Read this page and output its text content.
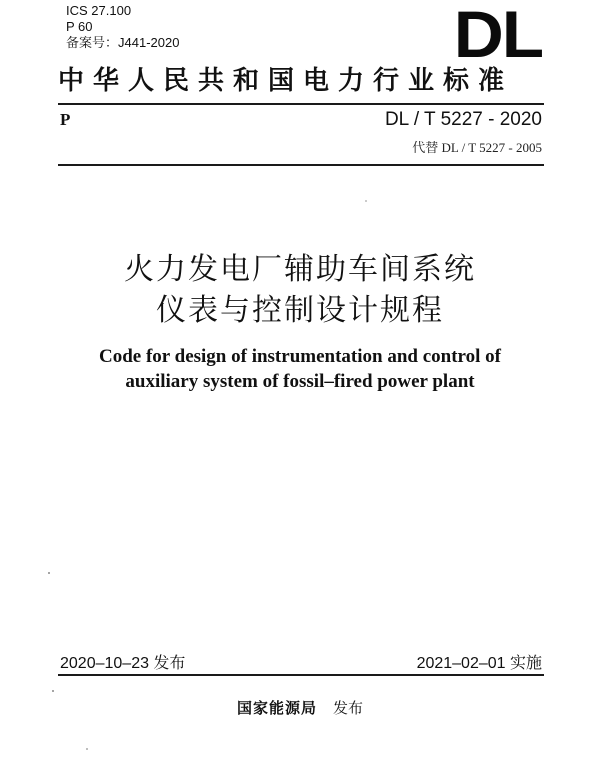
ICS 27.100
P 60
备案号：J441-2020	DL
中华人民共和国电力行业标准
P	DL / T 5227 - 2020
代替 DL / T 5227 - 2005
火力发电厂辅助车间系统
仪表与控制设计规程
Code for design of instrumentation and control of
auxiliary system of fossil–fired power plant
2020–10–23 发布	2021–02–01 实施
国家能源局 发布
